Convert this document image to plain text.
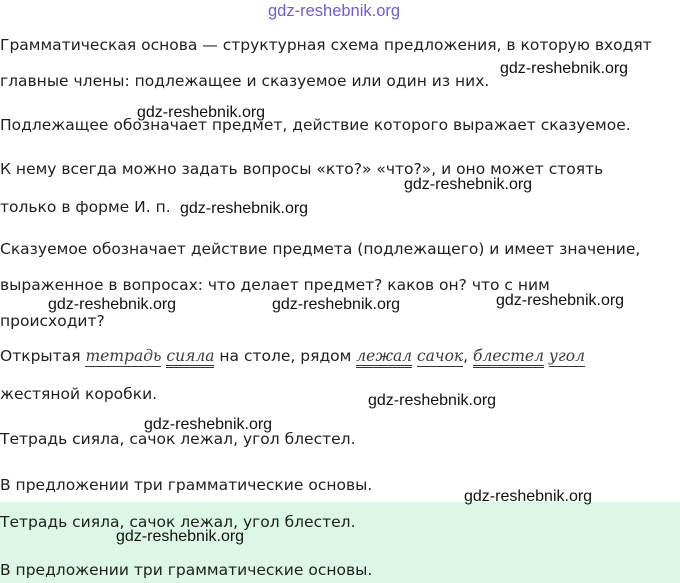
gdz-reshebnik.org
Грамматическая основа — структурная схема предложения, в которую входят
главные члены: подлежащее и сказуемое или один из них.
Подлежащее обозначает предмет, действие которого выражает сказуемое.
К нему всегда можно задать вопросы «кто?» «что?», и оно может стоять
только в форме И. п.
Сказуемое обозначает действие предмета (подлежащего) и имеет значение,
выраженное в вопросах: что делает предмет? каков он? что с ним
происходит?
Открытая тетрадь сияла на столе, рядом лежал сачок, блестел угол
жестяной коробки.
Тетрадь сияла, сачок лежал, угол блестел.
В предложении три грамматические основы.
Тетрадь сияла, сачок лежал, угол блестел.
В предложении три грамматические основы.
gdz-reshebnik.org
gdz-reshebnik.org
gdz-reshebnik.org
gdz-reshebnik.org
gdz-reshebnik.org	gdz-reshebnik.org	gdz-reshebnik.org
gdz-reshebnik.org
gdz-reshebnik.org
gdz-reshebnik.org
gdz-reshebnik.org
